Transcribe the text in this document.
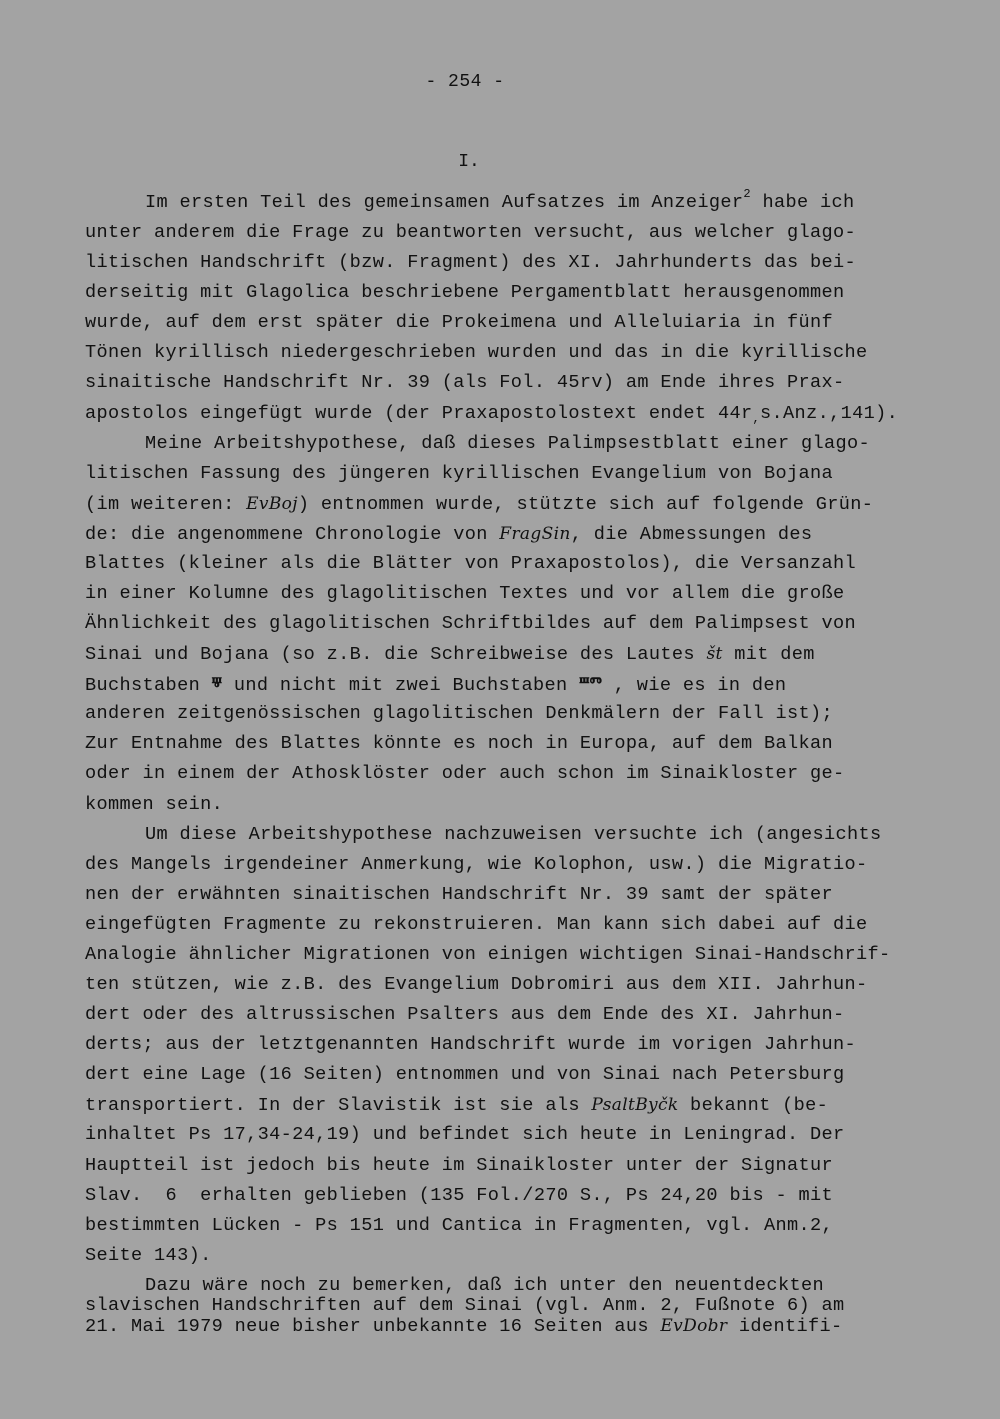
- 254 -
I.
Im ersten Teil des gemeinsamen Aufsatzes im Anzeiger$^2$ habe ich
unter anderem die Frage zu beantworten versucht, aus welcher glago-
litischen Handschrift (bzw. Fragment) des XI. Jahrhunderts das bei-
derseitig mit Glagolica beschriebene Pergamentblatt herausgenommen
wurde, auf dem erst später die Prokeimena und Alleluiaria in fünf
Tönen kyrillisch niedergeschrieben wurden und das in die kyrillische
sinaitische Handschrift Nr. 39 (als Fol. 45rv) am Ende ihres Prax-
apostolos eingefügt wurde (der Praxapostolostext endet $44r_,s.Anz.,141$).
Meine Arbeitshypothese, daß dieses Palimpsestblatt einer glago-
litischen Fassung des jüngeren kyrillischen Evangelium von Bojana
(im weiteren: EvBoj) entnommen wurde, stützte sich auf folgende Grün-
de: die angenommene Chronologie von FragSin, die Abmessungen des
Blattes (kleiner als die Blätter von Praxapostolos), die Versanzahl
in einer Kolumne des glagolitischen Textes und vor allem die große
Ähnlichkeit des glagolitischen Schriftbildes auf dem Palimpsest von
Sinai und Bojana (so z.B. die Schreibweise des Lautes št mit dem
Buchstaben ⱋ und nicht mit zwei Buchstaben ⱎⱅ , wie es in den
anderen zeitgenössischen glagolitischen Denkmälern der Fall ist);
Zur Entnahme des Blattes könnte es noch in Europa, auf dem Balkan
oder in einem der Athosklöster oder auch schon im Sinaikloster ge-
kommen sein.
Um diese Arbeitshypothese nachzuweisen versuchte ich (angesichts
des Mangels irgendeiner Anmerkung, wie Kolophon, usw.) die Migratio-
nen der erwähnten sinaitischen Handschrift Nr. 39 samt der später
eingefügten Fragmente zu rekonstruieren. Man kann sich dabei auf die
Analogie ähnlicher Migrationen von einigen wichtigen Sinai-Handschrif-
ten stützen, wie z.B. des Evangelium Dobromiri aus dem XII. Jahrhun-
dert oder des altrussischen Psalters aus dem Ende des XI. Jahrhun-
derts; aus der letztgenannten Handschrift wurde im vorigen Jahrhun-
dert eine Lage (16 Seiten) entnommen und von Sinai nach Petersburg
transportiert. In der Slavistik ist sie als PsaltByčk bekannt (be-
inhaltet Ps 17,34-24,19) und befindet sich heute in Leningrad. Der
Hauptteil ist jedoch bis heute im Sinaikloster unter der Signatur
Slav.  6  erhalten geblieben (135 Fol./270 S., Ps 24,20 bis - mit
bestimmten Lücken - Ps 151 und Cantica in Fragmenten, vgl. Anm.2,
Seite 143).
Dazu wäre noch zu bemerken, daß ich unter den neuentdeckten
slavischen Handschriften auf dem Sinai (vgl. Anm. 2, Fußnote 6) am
21. Mai 1979 neue bisher unbekannte 16 Seiten aus EvDobr identifi-
